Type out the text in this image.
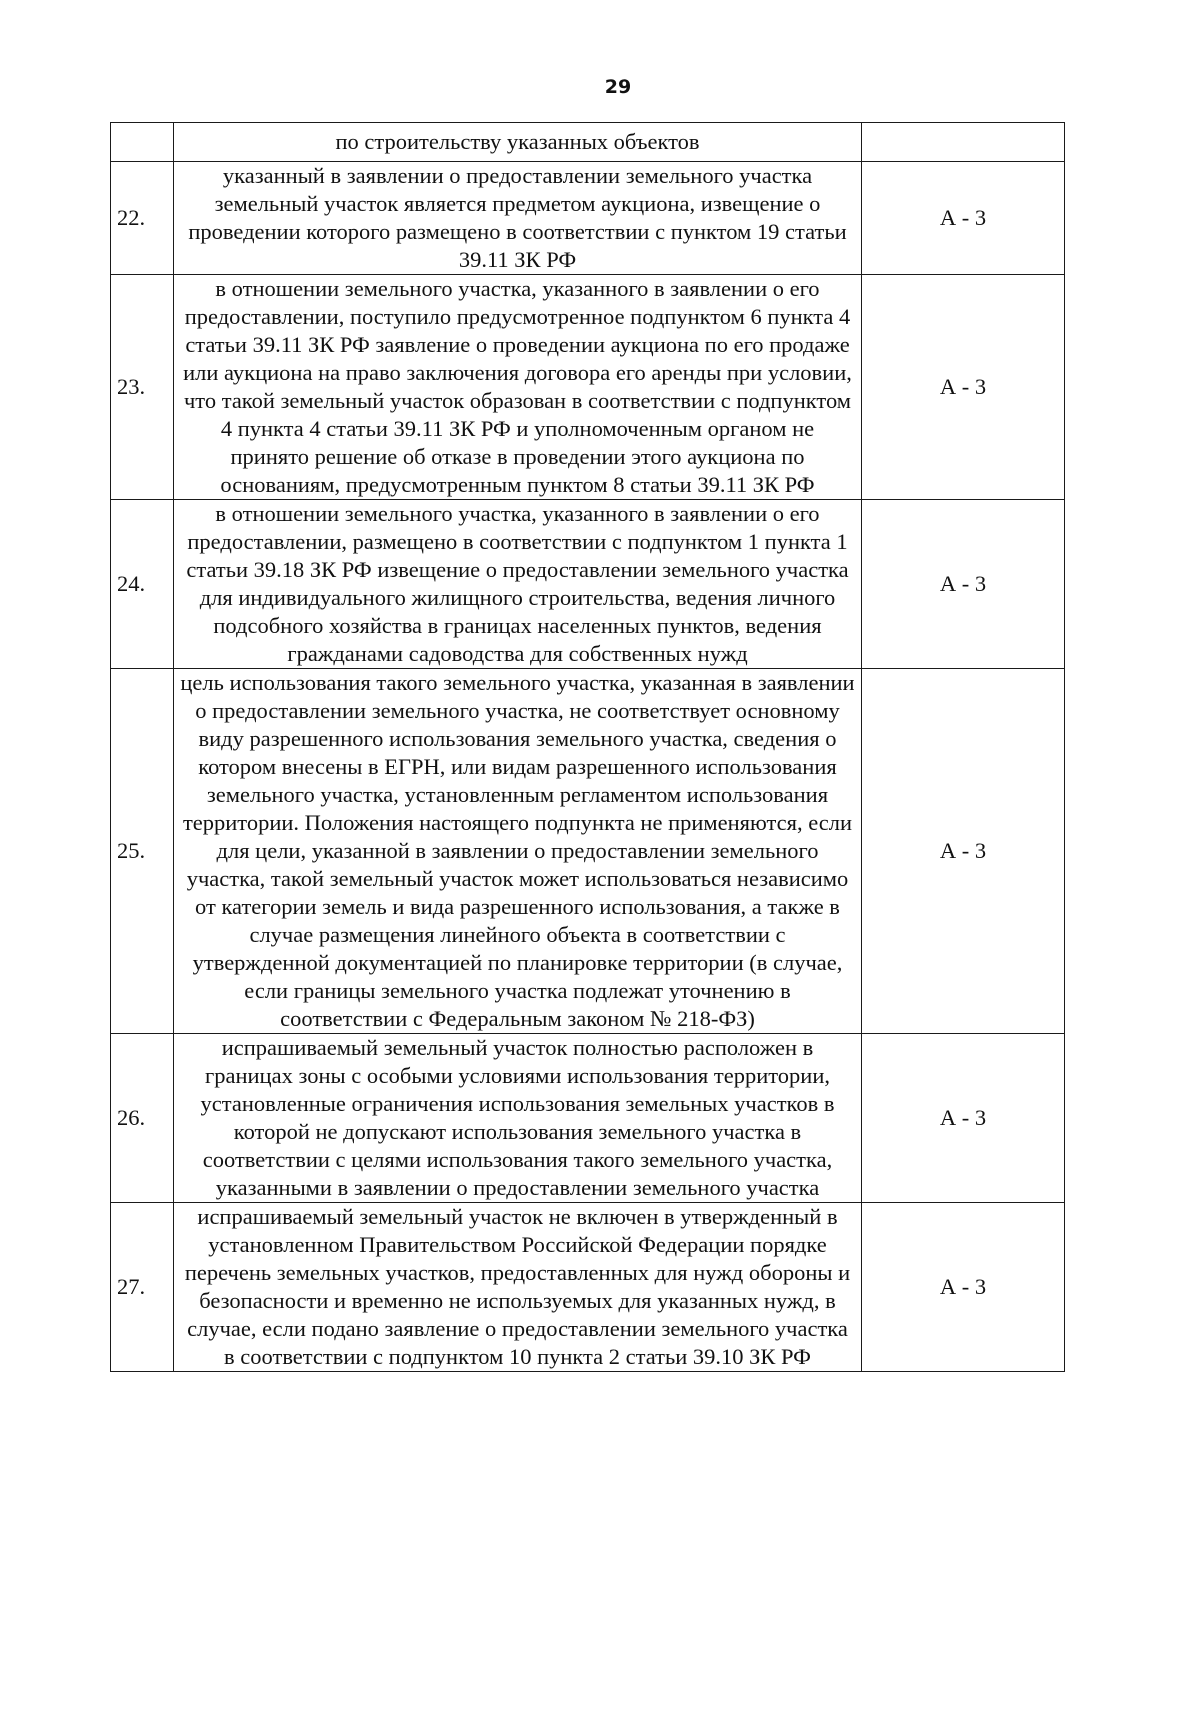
29
	по строительству указанных объектов	
22.	указанный в заявлении о предоставлении земельного участка земельный участок является предметом аукциона, извещение о проведении которого размещено в соответствии с пунктом 19 статьи 39.11 ЗК РФ	А - 3
23.	в отношении земельного участка, указанного в заявлении о его предоставлении, поступило предусмотренное подпунктом 6 пункта 4 статьи 39.11 ЗК РФ заявление о проведении аукциона по его продаже или аукциона на право заключения договора его аренды при условии, что такой земельный участок образован в соответствии с подпунктом 4 пункта 4 статьи 39.11 ЗК РФ и уполномоченным органом не принято решение об отказе в проведении этого аукциона по основаниям, предусмотренным пунктом 8 статьи 39.11 ЗК РФ	А - 3
24.	в отношении земельного участка, указанного в заявлении о его предоставлении, размещено в соответствии с подпунктом 1 пункта 1 статьи 39.18 ЗК РФ извещение о предоставлении земельного участка для индивидуального жилищного строительства, ведения личного подсобного хозяйства в границах населенных пунктов, ведения гражданами садоводства для собственных нужд	А - 3
25.	цель использования такого земельного участка, указанная в заявлении о предоставлении земельного участка, не соответствует основному виду разрешенного использования земельного участка, сведения о котором внесены в ЕГРН, или видам разрешенного использования земельного участка, установленным регламентом использования территории. Положения настоящего подпункта не применяются, если для цели, указанной в заявлении о предоставлении земельного участка, такой земельный участок может использоваться независимо от категории земель и вида разрешенного использования, а также в случае размещения линейного объекта в соответствии с утвержденной документацией по планировке территории (в случае, если границы земельного участка подлежат уточнению в соответствии с Федеральным законом № 218-ФЗ)	А - 3
26.	испрашиваемый земельный участок полностью расположен в границах зоны с особыми условиями использования территории, установленные ограничения использования земельных участков в которой не допускают использования земельного участка в соответствии с целями использования такого земельного участка, указанными в заявлении о предоставлении земельного участка	А - 3
27.	испрашиваемый земельный участок не включен в утвержденный в установленном Правительством Российской Федерации порядке перечень земельных участков, предоставленных для нужд обороны и безопасности и временно не используемых для указанных нужд, в случае, если подано заявление о предоставлении земельного участка в соответствии с подпунктом 10 пункта 2 статьи 39.10 ЗК РФ	А - 3
